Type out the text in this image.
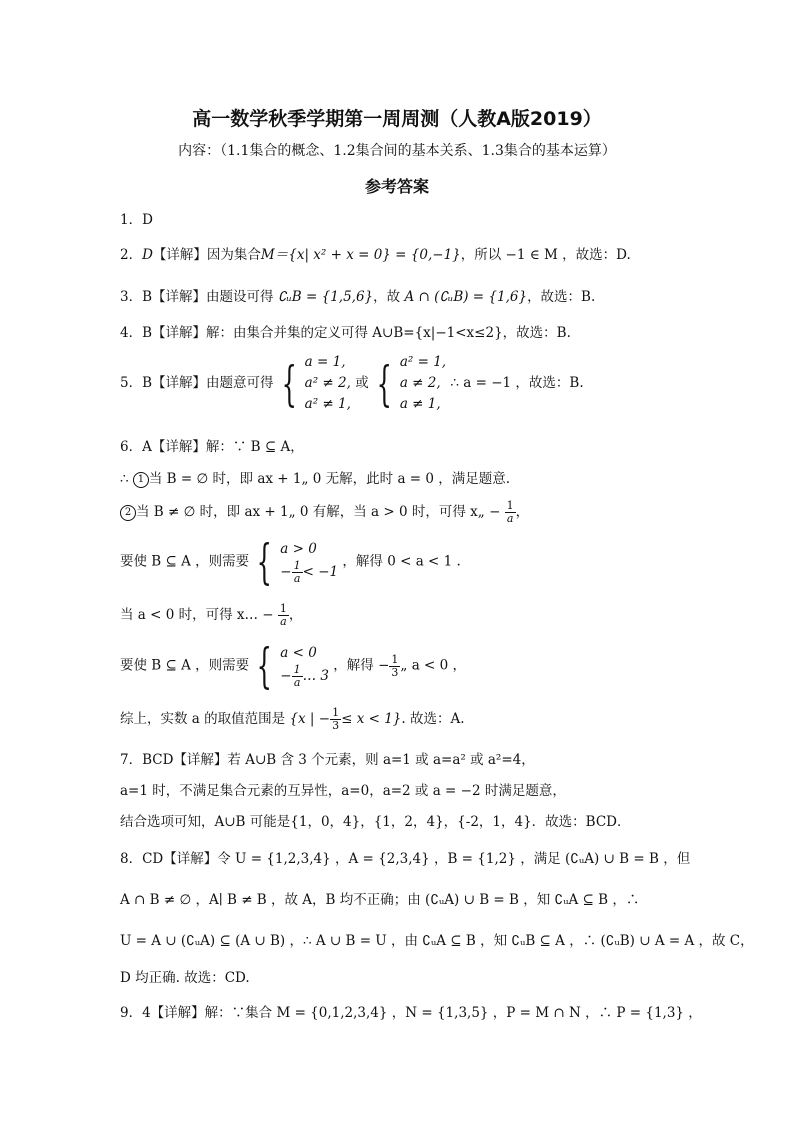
高一数学秋季学期第一周周测（人教A版2019）
内容：（1.1集合的概念、1.2集合间的基本关系、1.3集合的基本运算）
参考答案
1．D
2．D【详解】因为集合M＝{x| x² + x = 0} = {0,−1}，所以 −1 ∈ M ，故选：D.
3．B【详解】由题设可得 ∁ᵤB = {1,5,6}，故 A ∩ (∁ᵤB) = {1,6}，故选：B.
4．B【详解】解：由集合并集的定义可得 A∪B={x|−1<x≤2}，故选：B.
5．B【详解】由题意可得 { a = 1,
a² ≠ 2,
a² ≠ 1, 或 { a² = 1,
a ≠ 2,
a ≠ 1, ∴ a = −1 ，故选：B.
6．A【详解】解：∵ B ⊆ A，
∴ 1 当 B = ∅ 时，即 ax + 1„ 0 无解，此时 a = 0 ，满足题意.
2 当 B ≠ ∅ 时，即 ax + 1„ 0 有解，当 a > 0 时，可得 x„ − $\frac{1}{a}$ ，
要使 B ⊆ A ，则需要 { a > 0
− $\frac{1}{a} < -1$ ，解得 0 < a < 1 .
当 a < 0 时，可得 x… − $\frac{1}{a}$ ，
要使 B ⊆ A ，则需要 { a < 0
− $\frac{1}{a}$ … 3 ，解得 − $\frac{1}{3}$ „ a < 0 ，
综上，实数 a 的取值范围是 {x | − $\frac{1}{3} \le x < 1$}. 故选：A.
7．BCD【详解】若 A∪B 含 3 个元素，则 a=1 或 a=a² 或 a²=4，
a=1 时，不满足集合元素的互异性，a=0，a=2 或 a = −2 时满足题意，
结合选项可知，A∪B 可能是{1，0，4}，{1，2，4}，{-2，1，4}．故选：BCD．
8．CD【详解】令 U = {1,2,3,4} ，A = {2,3,4} ，B = {1,2} ，满足 (∁ᵤA) ∪ B = B ，但
A ∩ B ≠ ∅ ，A∣ B ≠ B ，故 A，B 均不正确；由 (∁ᵤA) ∪ B = B ，知 ∁ᵤA ⊆ B ，∴
U = A ∪ (∁ᵤA) ⊆ (A ∪ B) ，∴ A ∪ B = U ，由 ∁ᵤA ⊆ B ，知 ∁ᵤB ⊆ A ，∴ (∁ᵤB) ∪ A = A ，故 C，
D 均正确. 故选：CD.
9．4【详解】解：∵集合 M = {0,1,2,3,4} ，N = {1,3,5} ，P = M ∩ N ，∴ P = {1,3} ，
